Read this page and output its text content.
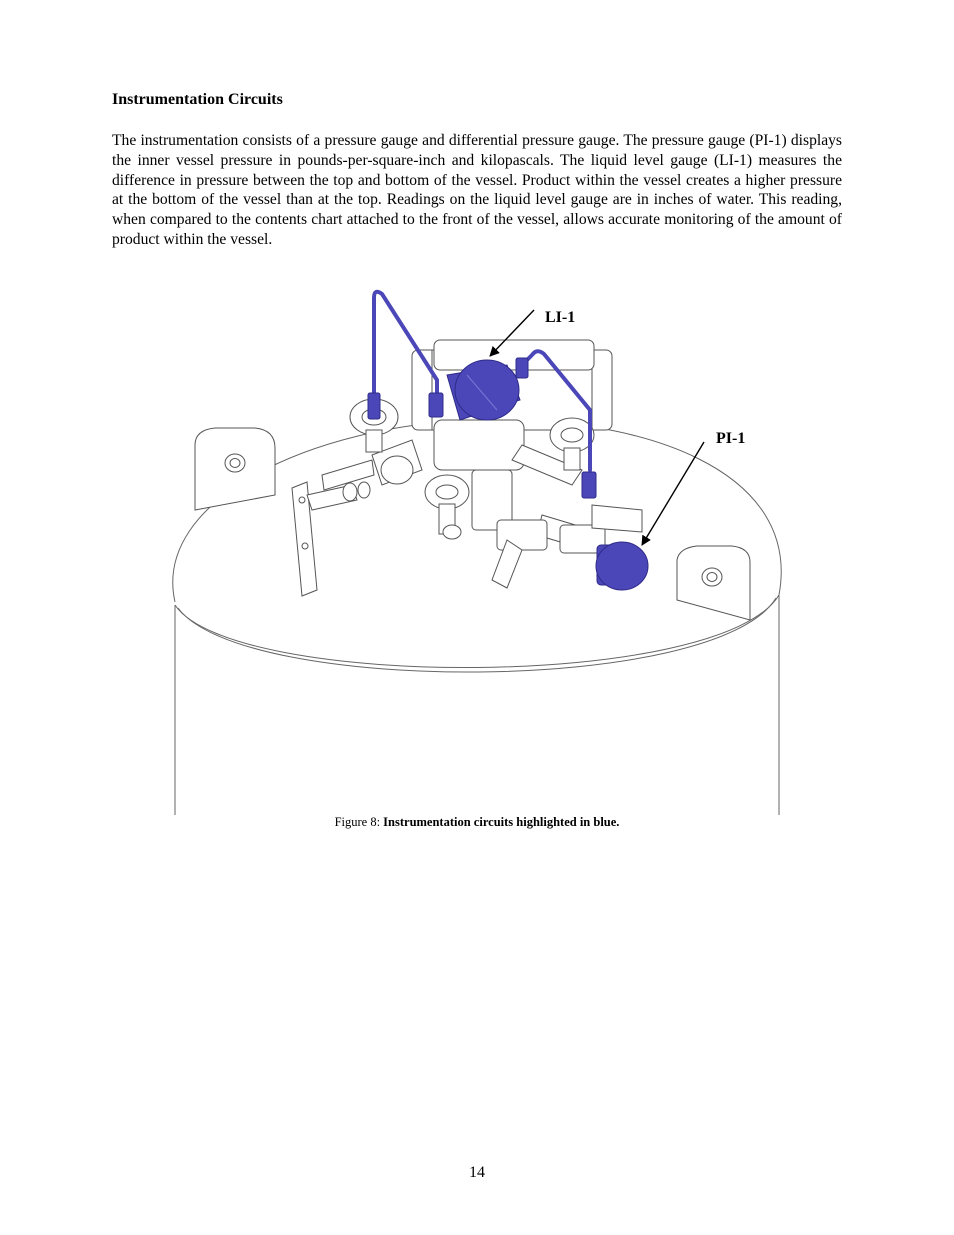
Instrumentation Circuits

The instrumentation consists of a pressure gauge and differential pressure gauge. The pressure gauge (PI-1) displays the inner vessel pressure in pounds-per-square-inch and kilopascals. The liquid level gauge (LI-1) measures the difference in pressure between the top and bottom of the vessel. Product within the vessel creates a higher pressure at the bottom of the vessel than at the top. Readings on the liquid level gauge are in inches of water. This reading, when compared to the contents chart attached to the front of the vessel, allows accurate monitoring of the amount of product within the vessel.

LI-1
PI-1
Figure 8: Instrumentation circuits highlighted in blue.
14
